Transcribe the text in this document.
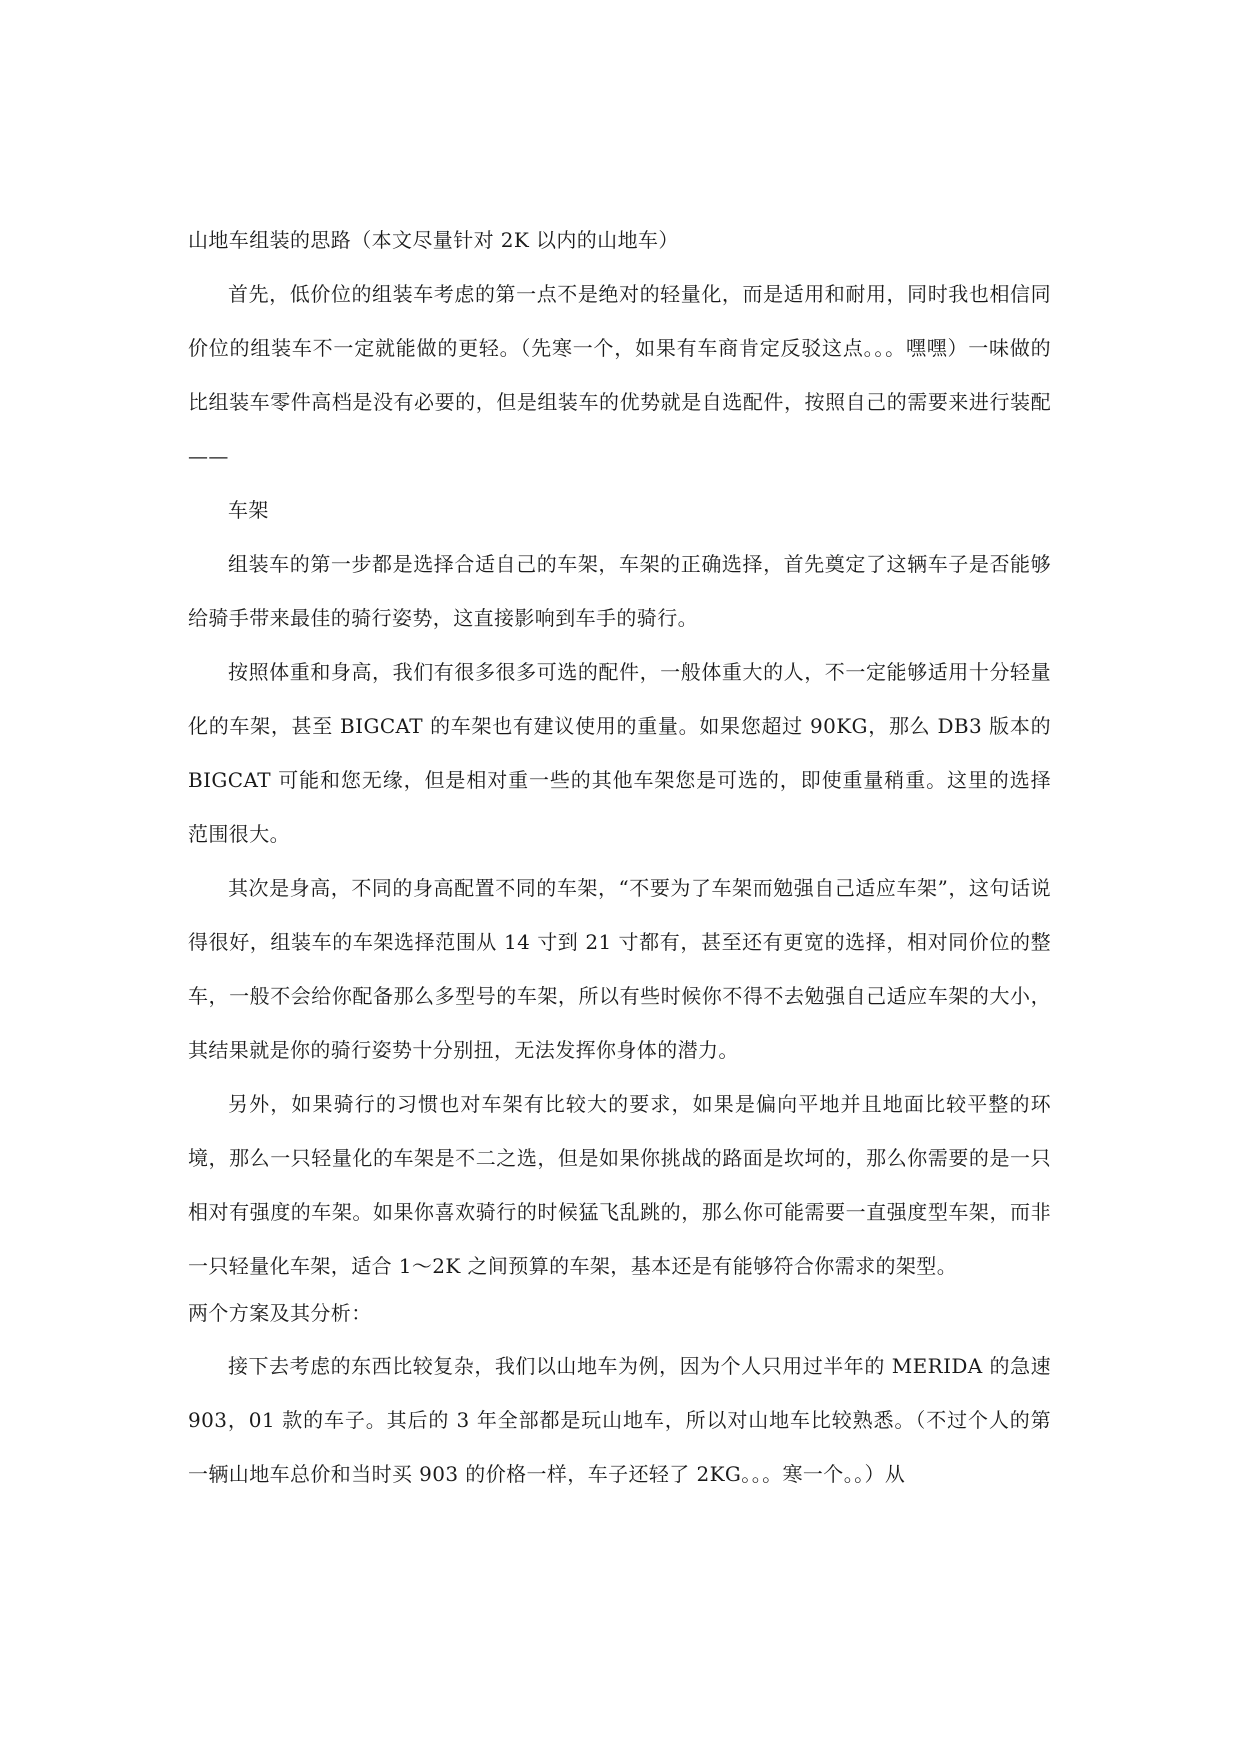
山地车组装的思路（本文尽量针对 2K 以内的山地车）

首先，低价位的组装车考虑的第一点不是绝对的轻量化，而是适用和耐用，同时我也相信同价位的组装车不一定就能做的更轻。（先寒一个，如果有车商肯定反驳这点。。。嘿嘿）一味做的比组装车零件高档是没有必要的，但是组装车的优势就是自选配件，按照自己的需要来进行装配——

车架

组装车的第一步都是选择合适自己的车架，车架的正确选择，首先奠定了这辆车子是否能够给骑手带来最佳的骑行姿势，这直接影响到车手的骑行。

按照体重和身高，我们有很多很多可选的配件，一般体重大的人，不一定能够适用十分轻量化的车架，甚至 BIGCAT 的车架也有建议使用的重量。如果您超过 90KG，那么 DB3 版本的 BIGCAT 可能和您无缘，但是相对重一些的其他车架您是可选的，即使重量稍重。这里的选择范围很大。

其次是身高，不同的身高配置不同的车架，“不要为了车架而勉强自己适应车架”，这句话说得很好，组装车的车架选择范围从 14 寸到 21 寸都有，甚至还有更宽的选择，相对同价位的整车，一般不会给你配备那么多型号的车架，所以有些时候你不得不去勉强自己适应车架的大小，其结果就是你的骑行姿势十分别扭，无法发挥你身体的潜力。

另外，如果骑行的习惯也对车架有比较大的要求，如果是偏向平地并且地面比较平整的环境，那么一只轻量化的车架是不二之选，但是如果你挑战的路面是坎坷的，那么你需要的是一只相对有强度的车架。如果你喜欢骑行的时候猛飞乱跳的，那么你可能需要一直强度型车架，而非一只轻量化车架，适合 1～2K 之间预算的车架，基本还是有能够符合你需求的架型。

两个方案及其分析：

接下去考虑的东西比较复杂，我们以山地车为例，因为个人只用过半年的 MERIDA 的急速 903，01 款的车子。其后的 3 年全部都是玩山地车，所以对山地车比较熟悉。（不过个人的第一辆山地车总价和当时买 903 的价格一样，车子还轻了 2KG。。。寒一个。。）从
